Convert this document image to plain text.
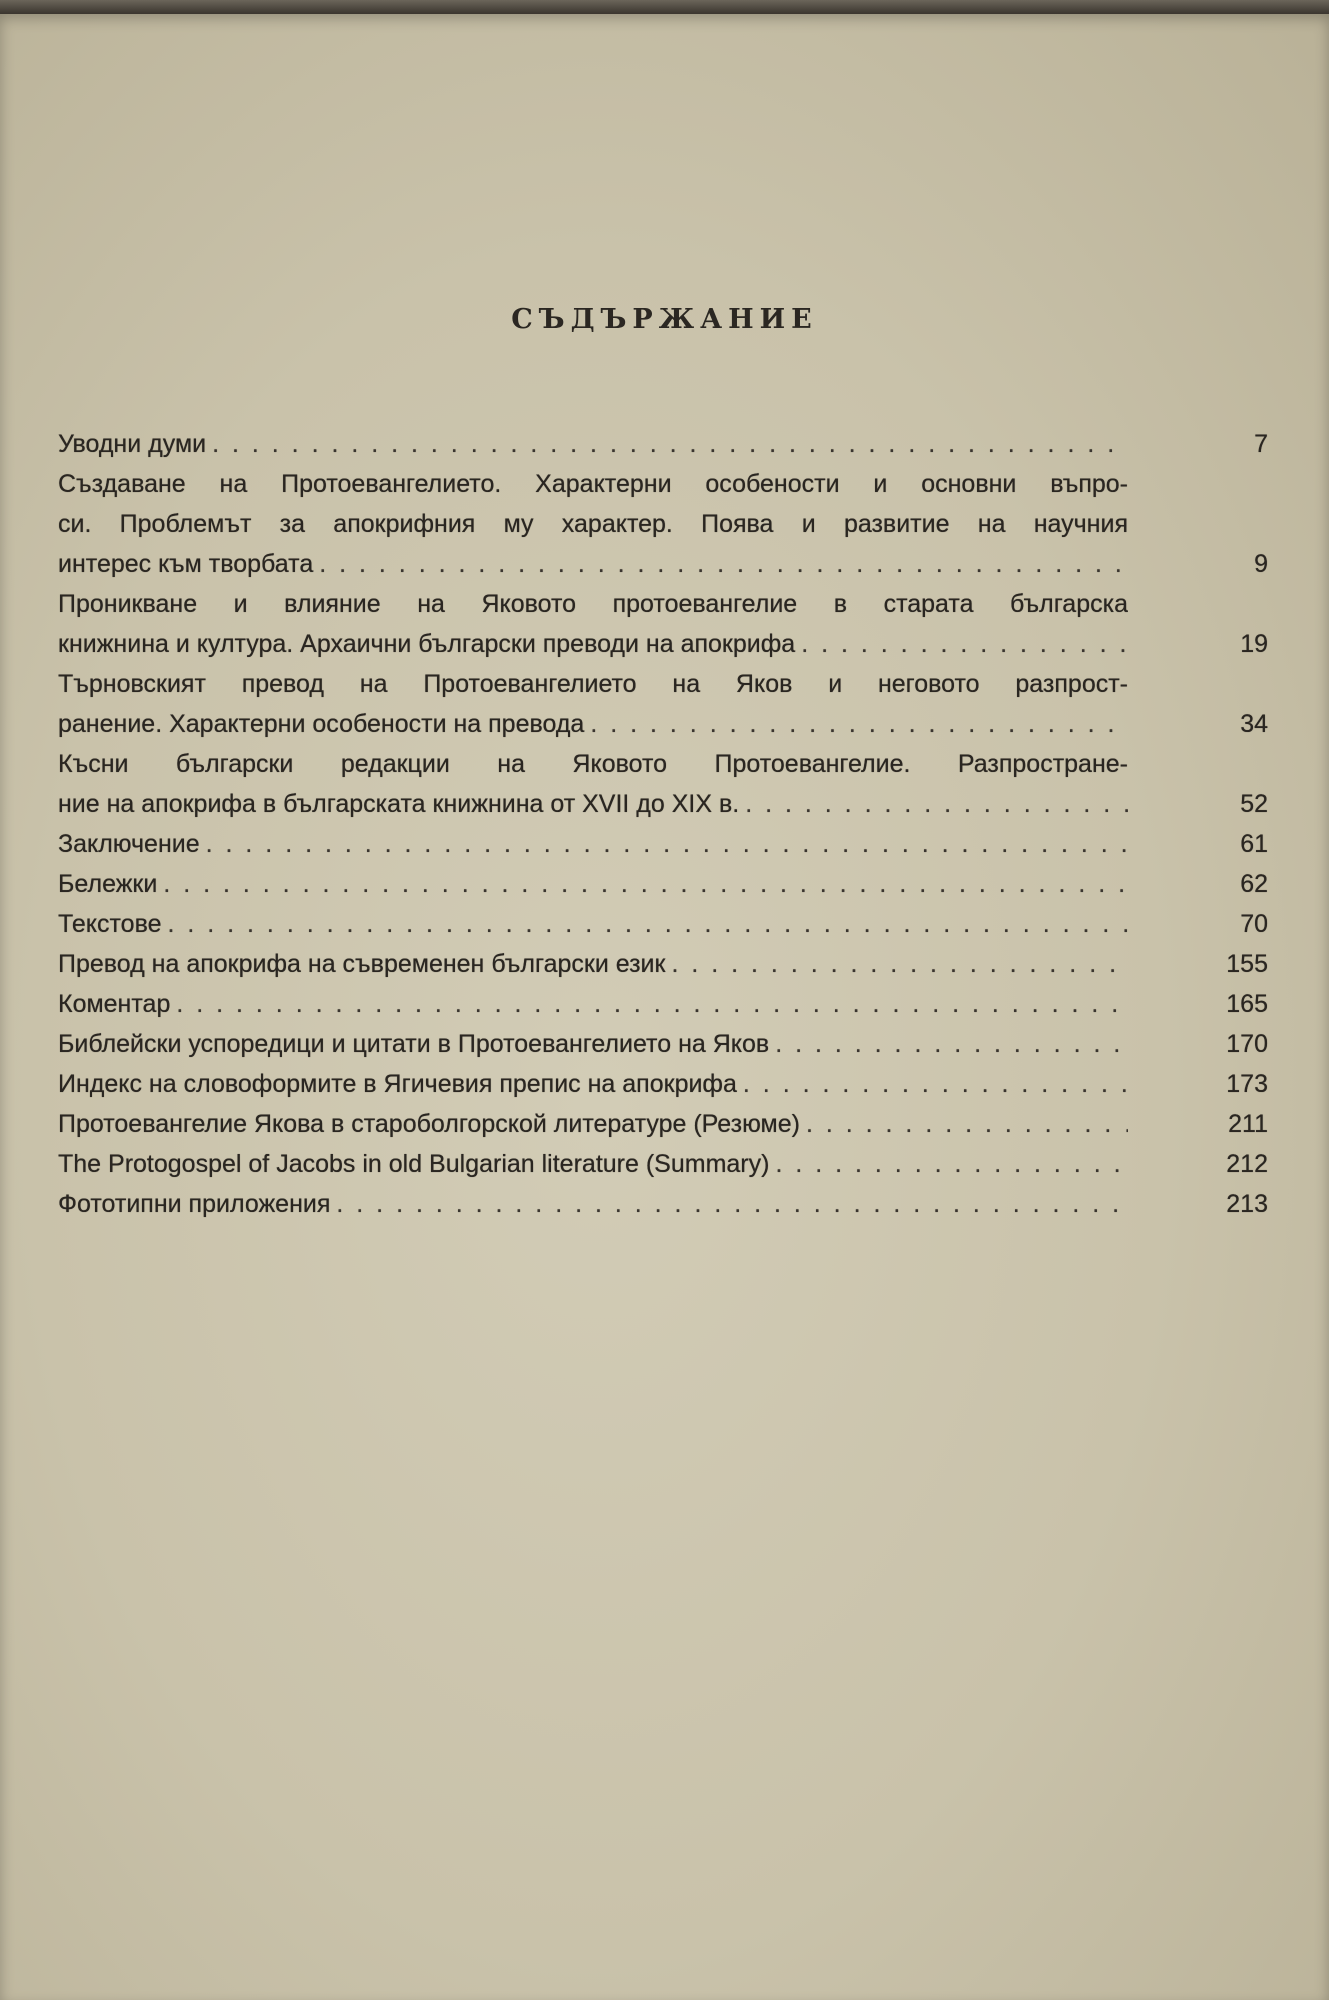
СЪДЪРЖАНИЕ
Уводни думи . . .	7
Създаване на Протоевангелието. Характерни особености и основни въпро-
си. Проблемът за апокрифния му характер. Поява и развитие на научния
интерес към творбата . . .	9
Проникване и влияние на Яковото протоевангелие в старата българска
книжнина и култура. Архаични български преводи на апокрифа . . .	19
Търновският превод на Протоевангелието на Яков и неговото разпрост-
ранение. Характерни особености на превода . . .	34
Късни български редакции на Яковото Протоевангелие. Разпростране-
ние на апокрифа в българската книжнина от XVII до XIX в. . . .	52
Заключение . . .	61
Бележки . . .	62
Текстове . . .	70
Превод на апокрифа на съвременен български език . . .	155
Коментар . . .	165
Библейски успоредици и цитати в Протоевангелието на Яков . . .	170
Индекс на словоформите в Ягичевия препис на апокрифа . . .	173
Протоевангелие Якова в староболгорской литературе (Резюме) . . .	211
The Protogospel of Jacobs in old Bulgarian literature (Summary) . . .	212
Фототипни приложения . . .	213
